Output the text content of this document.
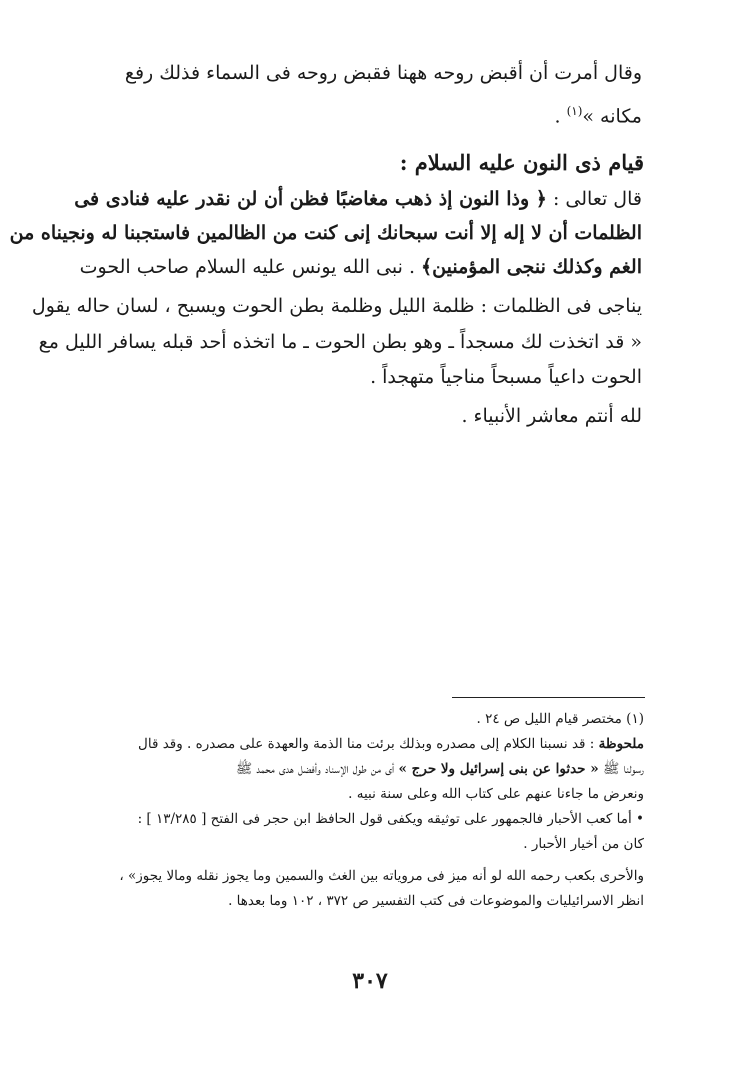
وقال أمرت أن أقبض روحه ههنا فقبض روحه فى السماء فذلك رفع
مكانه »$^{(١)}$ .
قيام ذى النون عليه السلام :
قال تعالى : ﴿ وذا النون إذ ذهب مغاضبًا فظن أن لن نقدر عليه فنادى فى
الظلمات أن لا إله إلا أنت سبحانك إنى كنت من الظالمين فاستجبنا له ونجيناه من
الغم وكذلك ننجى المؤمنين﴾ . نبى الله يونس عليه السلام صاحب الحوت
يناجى فى الظلمات : ظلمة الليل وظلمة بطن الحوت ويسبح ، لسان حاله يقول
« قد اتخذت لك مسجداً ـ وهو بطن الحوت ـ ما اتخذه أحد قبله يسافر الليل مع
الحوت داعياً مسبحاً مناجياً متهجداً .
لله أنتم معاشر الأنبياء .
(١) مختصر قيام الليل ص ٢٤ .
ملحوظة : قد نسبنا الكلام إلى مصدره وبذلك برئت منا الذمة والعهدة على مصدره . وقد قال
رسولنا ﷺ « حدثوا عن بنى إسرائيل ولا حرج » أى من طول الإسناد وأفضل هدى محمد ﷺ
ونعرض ما جاءنا عنهم على كتاب الله وعلى سنة نبيه .
• أما كعب الأحبار فالجمهور على توثيقه ويكفى قول الحافظ ابن حجر فى الفتح [ ١٣/٢٨٥ ] :
كان من أخيار الأحبار .
والأحرى بكعب رحمه الله لو أنه ميز فى مروياته بين الغث والسمين وما يجوز نقله ومالا يجوز» ،
انظر الاسرائيليات والموضوعات فى كتب التفسير ص ٣٧٢ ، ١٠٢ وما بعدها .
٣٠٧
